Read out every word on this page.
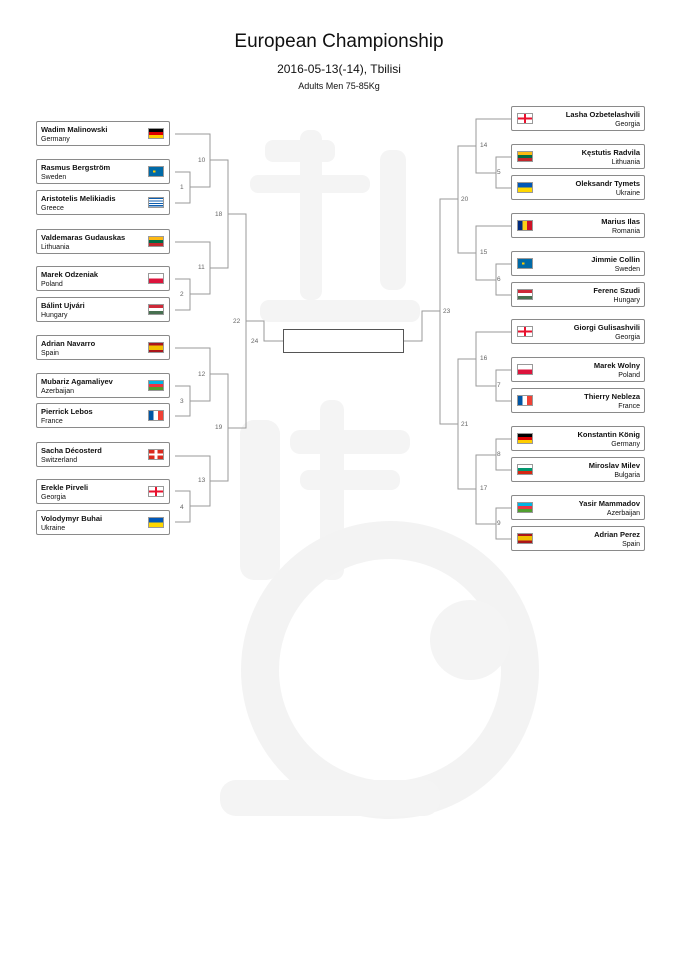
European Championship
2016-05-13(-14), Tbilisi
Adults Men 75-85Kg
10
1
11
2
12
3
13
4
18
19
22
24
14
5
15
6
16
7
8
17
9
20
21
23
Wadim Malinowski
Germany
Rasmus Bergström
Sweden
Aristotelis Melikiadis
Greece
Valdemaras Gudauskas
Lithuania
Marek Odzeniak
Poland
Bálint Ujvári
Hungary
Adrian Navarro
Spain
Mubariz Agamaliyev
Azerbaijan
Pierrick Lebos
France
Sacha Décosterd
Switzerland
Erekle Pirveli
Georgia
Volodymyr Buhai
Ukraine
Lasha Ozbetelashvili
Georgia
Kęstutis Radvila
Lithuania
Oleksandr Tymets
Ukraine
Marius Ilas
Romania
Jimmie Collin
Sweden
Ferenc Szudi
Hungary
Giorgi Gulisashvili
Georgia
Marek Wolny
Poland
Thierry Nebleza
France
Konstantin König
Germany
Miroslav Milev
Bulgaria
Yasir Mammadov
Azerbaijan
Adrian Perez
Spain
